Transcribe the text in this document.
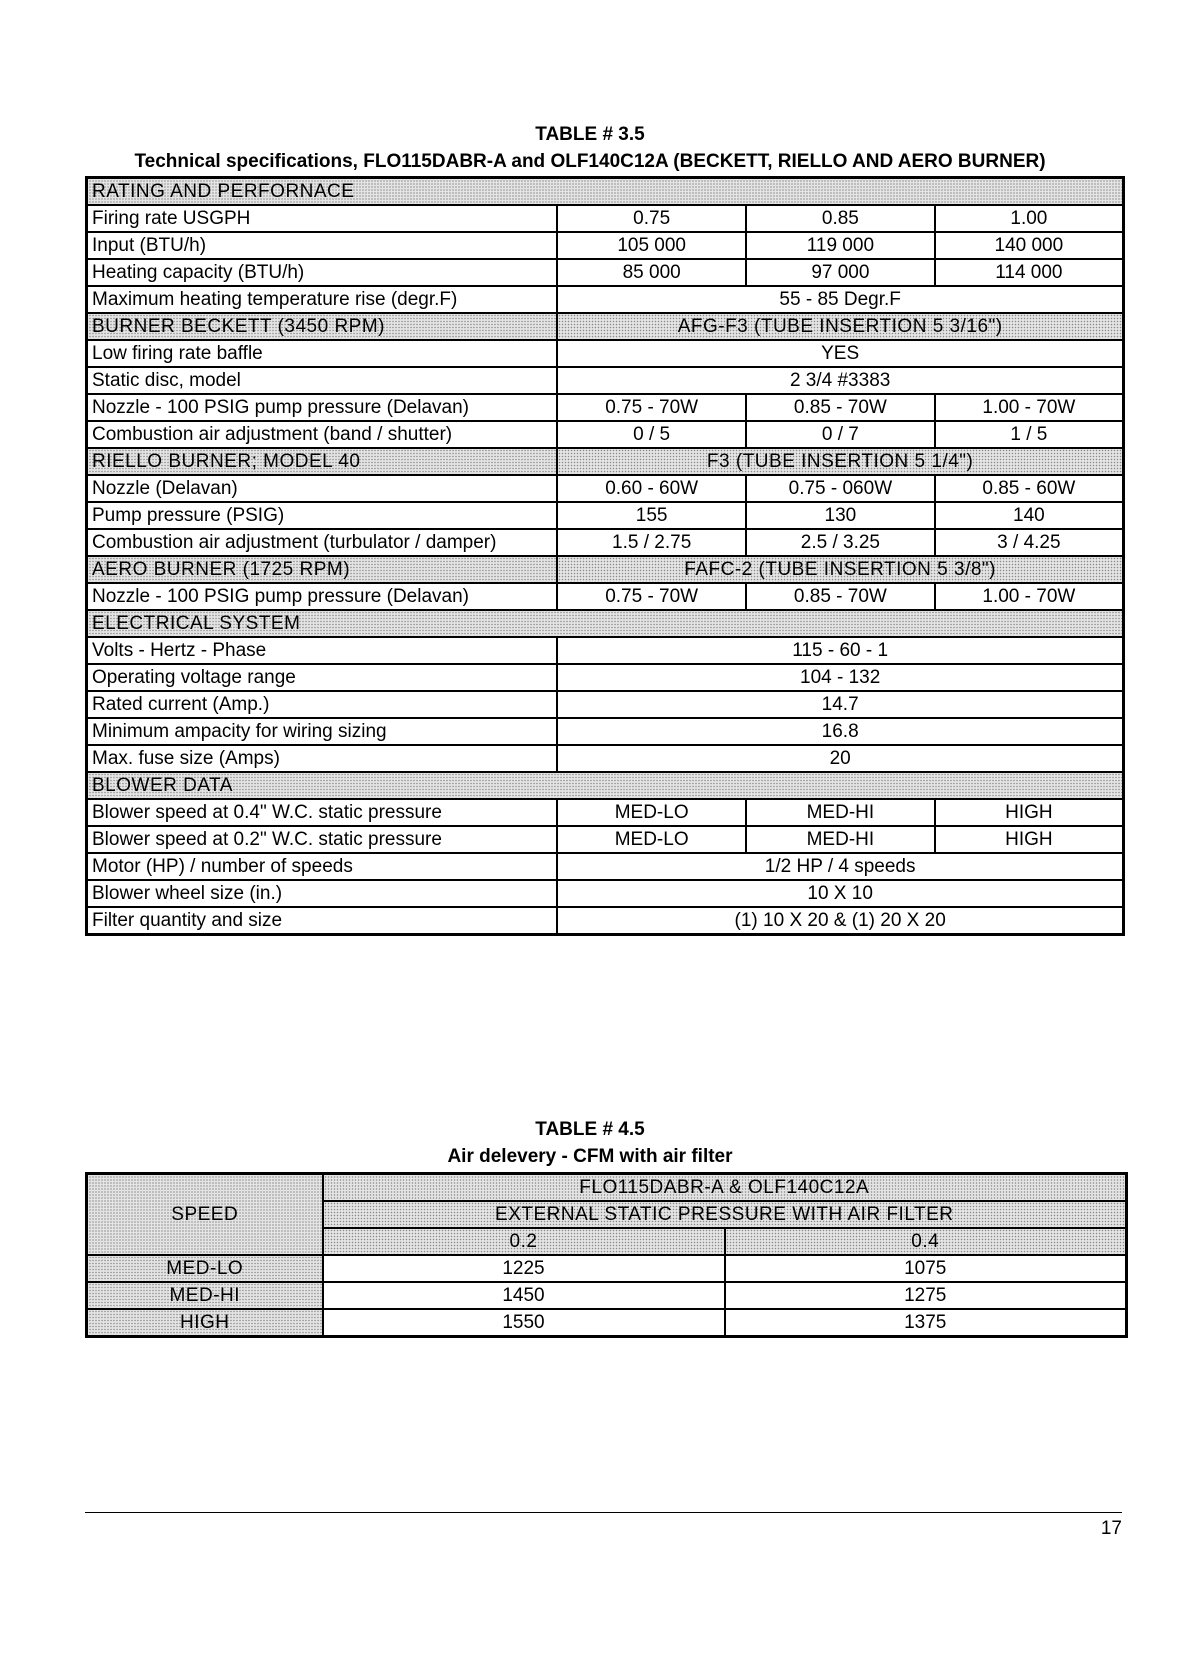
TABLE # 3.5
Technical specifications, FLO115DABR-A and OLF140C12A (BECKETT, RIELLO AND AERO BURNER)
RATING AND PERFORNACE			
Firing rate USGPH	0.75	0.85	1.00
Input (BTU/h)	105 000	119 000	140 000
Heating capacity (BTU/h)	85 000	97 000	114 000
Maximum heating temperature rise (degr.F)	55 - 85 Degr.F		
BURNER BECKETT (3450 RPM)	AFG-F3 (TUBE INSERTION 5 3/16")		
Low firing rate baffle	YES		
Static disc, model	2 3/4 #3383		
Nozzle - 100 PSIG pump pressure (Delavan)	0.75 - 70W	0.85 - 70W	1.00 - 70W
Combustion air adjustment (band / shutter)	0 / 5	0 / 7	1 / 5
RIELLO BURNER; MODEL 40	F3 (TUBE INSERTION 5 1/4")		
Nozzle (Delavan)	0.60 - 60W	0.75 - 060W	0.85 - 60W
Pump pressure (PSIG)	155	130	140
Combustion air adjustment (turbulator / damper)	1.5 / 2.75	2.5 / 3.25	3 / 4.25
AERO BURNER (1725 RPM)	FAFC-2 (TUBE INSERTION 5 3/8")		
Nozzle - 100 PSIG pump pressure (Delavan)	0.75 - 70W	0.85 - 70W	1.00 - 70W
ELECTRICAL SYSTEM			
Volts - Hertz - Phase	115 - 60 - 1		
Operating voltage range	104 - 132		
Rated current (Amp.)	14.7		
Minimum ampacity for wiring sizing	16.8		
Max. fuse size (Amps)	20		
BLOWER DATA			
Blower speed at 0.4" W.C. static pressure	MED-LO	MED-HI	HIGH
Blower speed at 0.2" W.C. static pressure	MED-LO	MED-HI	HIGH
Motor (HP) / number of speeds	1/2 HP / 4 speeds		
Blower wheel size (in.)	10 X 10		
Filter quantity and size	(1) 10 X 20 & (1) 20 X 20		
TABLE # 4.5
Air delevery - CFM with air filter
SPEED	FLO115DABR-A & OLF140C12A	
	EXTERNAL STATIC PRESSURE WITH AIR FILTER	
	0.2	0.4
MED-LO	1225	1075
MED-HI	1450	1275
HIGH	1550	1375
17
